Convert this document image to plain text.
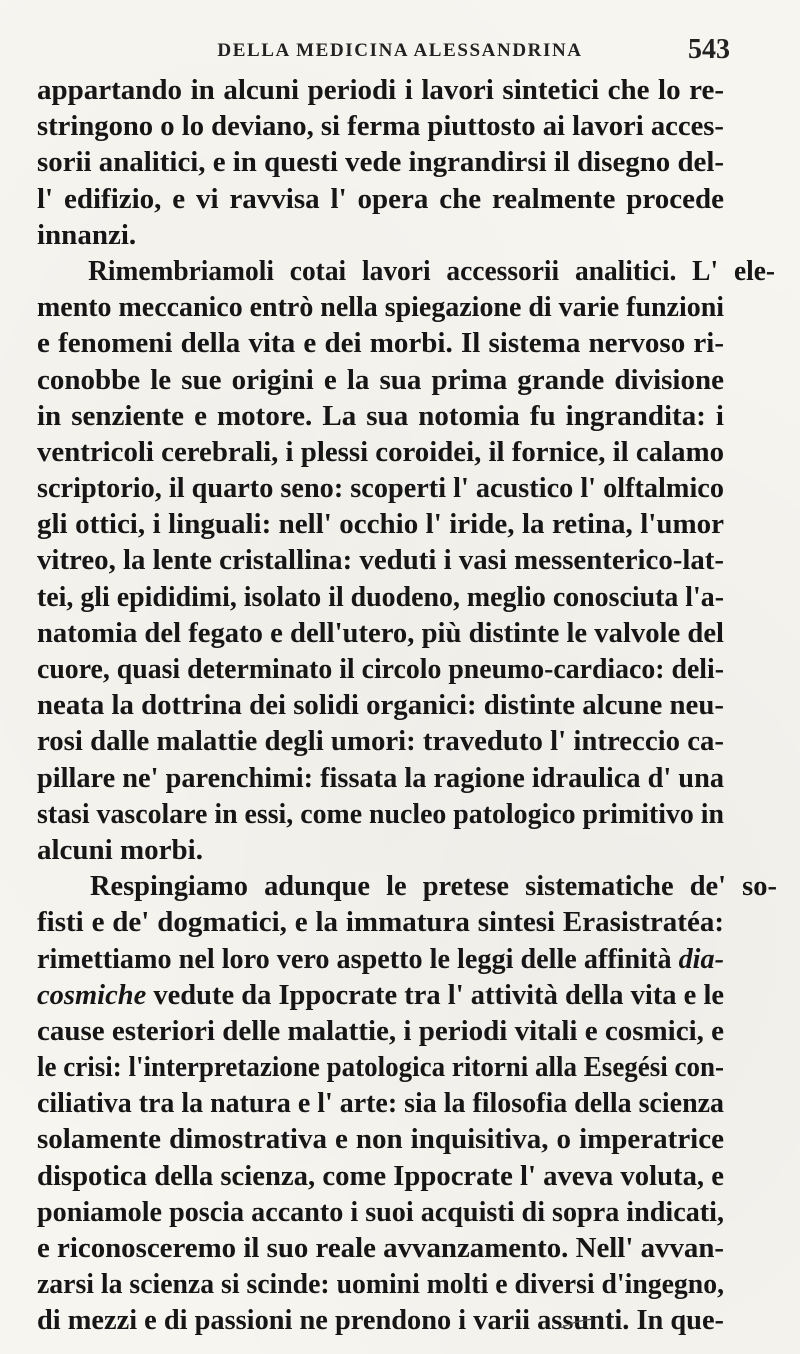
DELLA MEDICINA ALESSANDRINA	543
appartando in alcuni periodi i lavori sintetici che lo re-
stringono o lo deviano, si ferma piuttosto ai lavori acces-
sorii analitici, e in questi vede ingrandirsi il disegno del-
l' edifizio, e vi ravvisa l' opera che realmente procede
innanzi.
Rimembriamoli cotai lavori accessorii analitici. L' ele-
mento meccanico entrò nella spiegazione di varie funzioni
e fenomeni della vita e dei morbi. Il sistema nervoso ri-
conobbe le sue origini e la sua prima grande divisione
in senziente e motore. La sua notomia fu ingrandita: i
ventricoli cerebrali, i plessi coroidei, il fornice, il calamo
scriptorio, il quarto seno: scoperti l' acustico l' olftalmico
gli ottici, i linguali: nell' occhio l' iride, la retina, l'umor
vitreo, la lente cristallina: veduti i vasi messenterico-lat-
tei, gli epididimi, isolato il duodeno, meglio conosciuta l'a-
natomia del fegato e dell'utero, più distinte le valvole del
cuore, quasi determinato il circolo pneumo-cardiaco: deli-
neata la dottrina dei solidi organici: distinte alcune neu-
rosi dalle malattie degli umori: traveduto l' intreccio ca-
pillare ne' parenchimi: fissata la ragione idraulica d' una
stasi vascolare in essi, come nucleo patologico primitivo in
alcuni morbi.
Respingiamo adunque le pretese sistematiche de' so-
fisti e de' dogmatici, e la immatura sintesi Erasistratéa:
rimettiamo nel loro vero aspetto le leggi delle affinità dia-
cosmiche vedute da Ippocrate tra l' attività della vita e le
cause esteriori delle malattie, i periodi vitali e cosmici, e
le crisi: l'interpretazione patologica ritorni alla Esegési con-
ciliativa tra la natura e l' arte: sia la filosofia della scienza
solamente dimostrativa e non inquisitiva, o imperatrice
dispotica della scienza, come Ippocrate l' aveva voluta, e
poniamole poscia accanto i suoi acquisti di sopra indicati,
e riconosceremo il suo reale avvanzamento. Nell' avvan-
zarsi la scienza si scinde: uomini molti e diversi d'ingegno,
di mezzi e di passioni ne prendono i varii assunti. In que-
